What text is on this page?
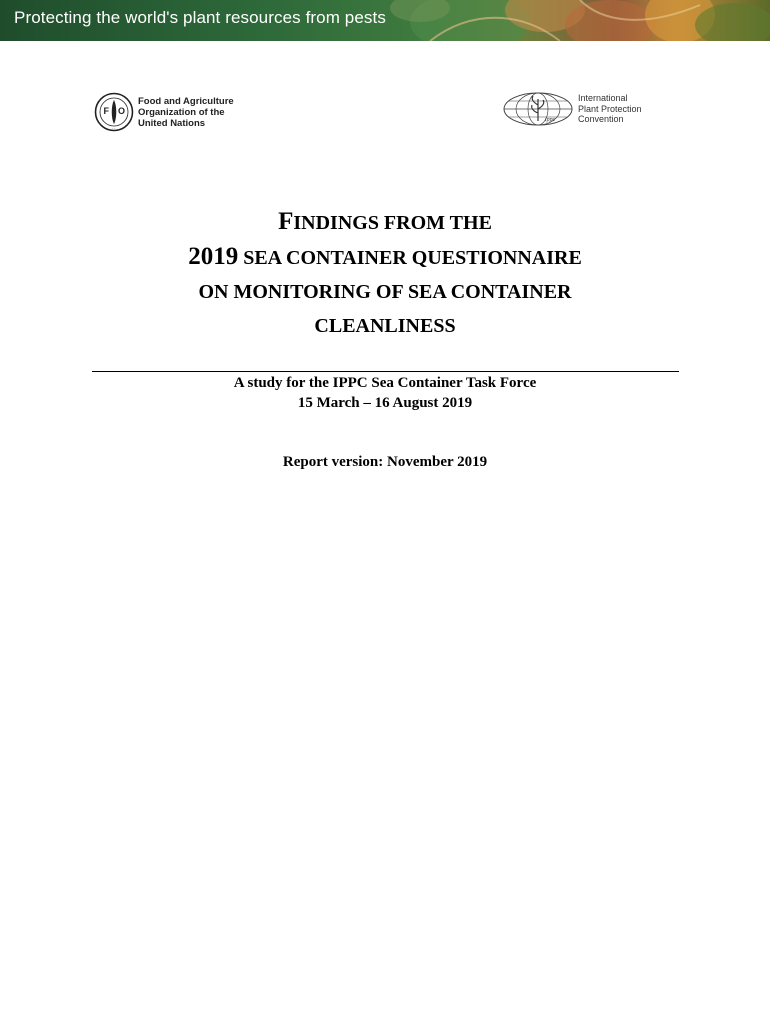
Protecting the world's plant resources from pests
F O
· ·
Food and Agriculture
Organization of the
United Nations	ippc
International
Plant Protection
Convention
FINDINGS FROM THE
2019 SEA CONTAINER QUESTIONNAIRE
ON MONITORING OF SEA CONTAINER
CLEANLINESS
A study for the IPPC Sea Container Task Force
15 March – 16 August 2019
Report version: November 2019
